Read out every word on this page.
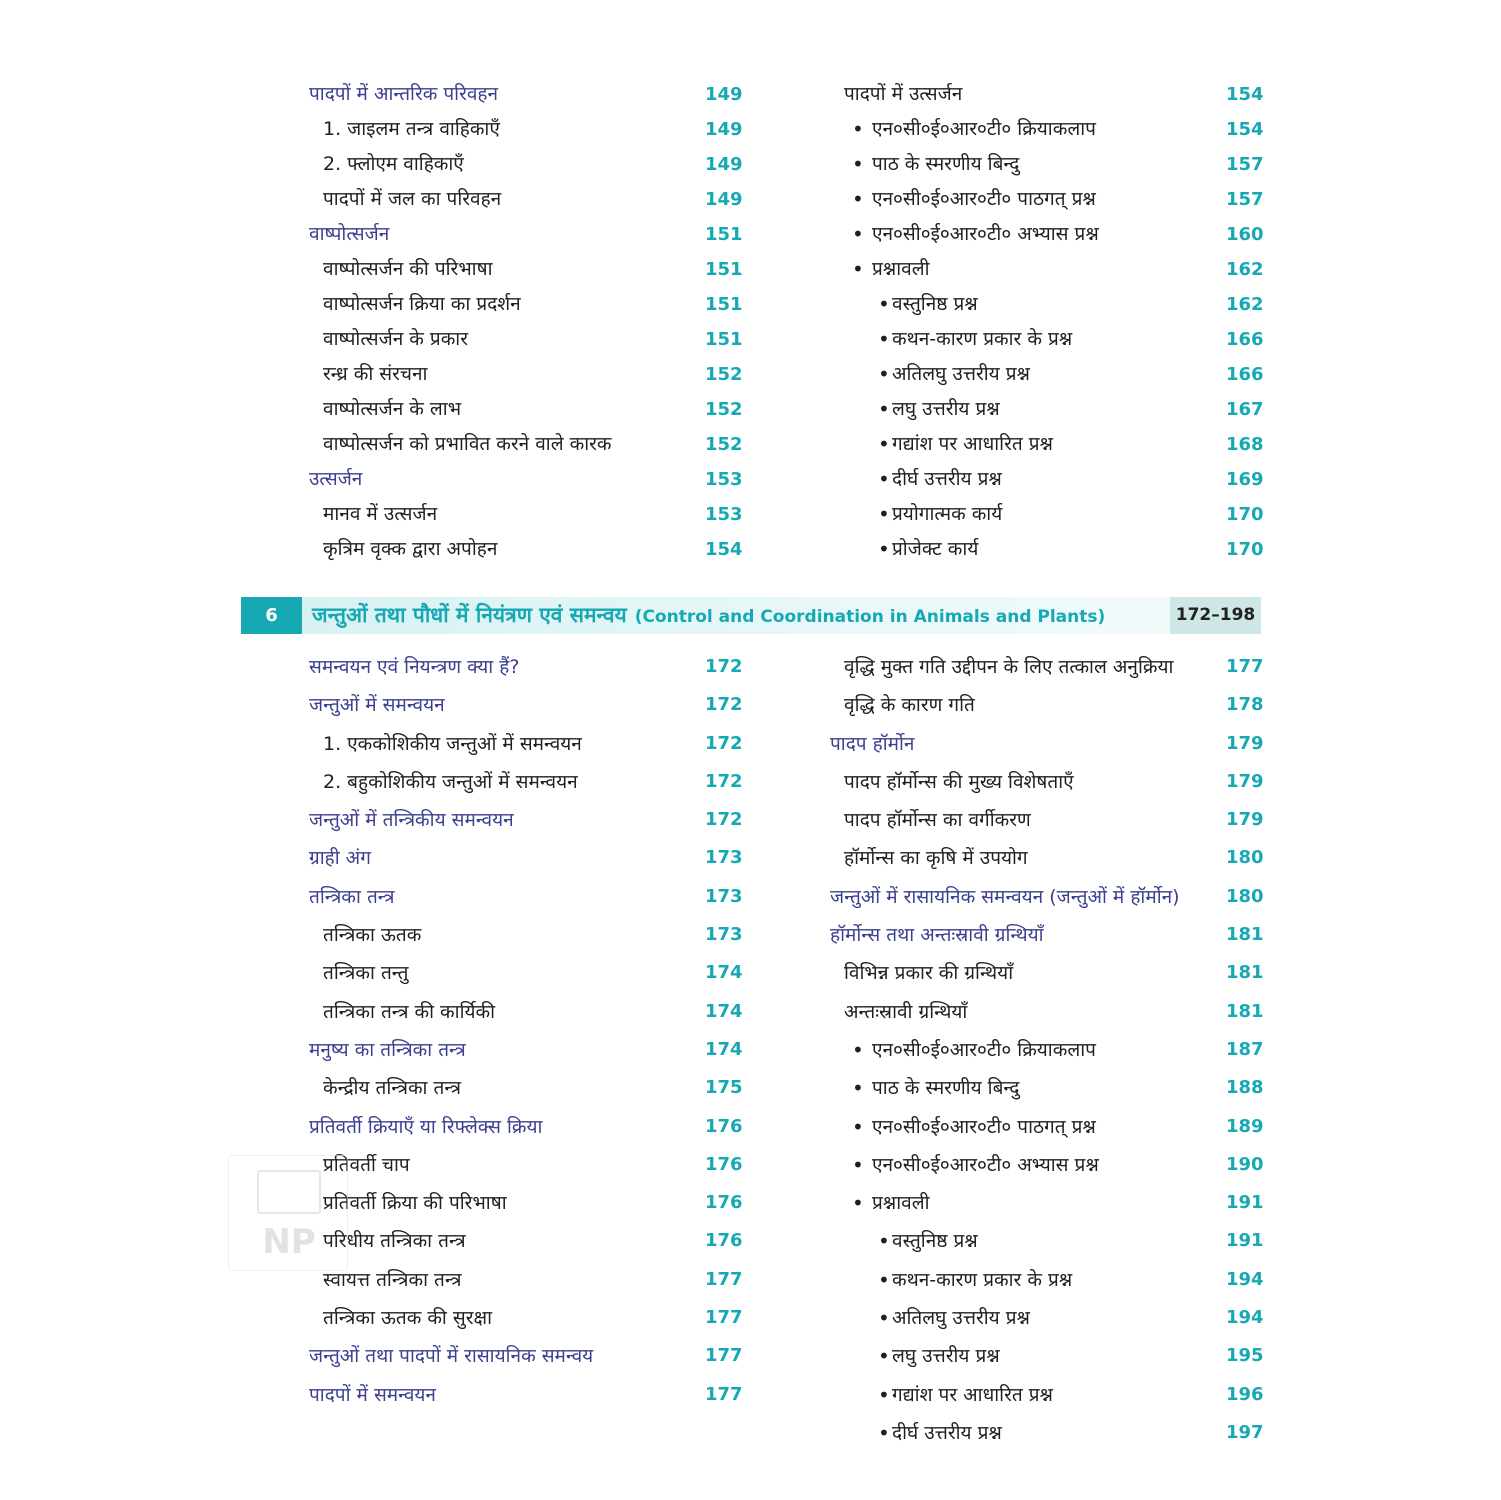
पादपों में आन्तरिक परिवहन	149
1. जाइलम तन्त्र वाहिकाएँ	149
2. फ्लोएम वाहिकाएँ	149
पादपों में जल का परिवहन	149
वाष्पोत्सर्जन	151
वाष्पोत्सर्जन की परिभाषा	151
वाष्पोत्सर्जन क्रिया का प्रदर्शन	151
वाष्पोत्सर्जन के प्रकार	151
रन्ध्र की संरचना	152
वाष्पोत्सर्जन के लाभ	152
वाष्पोत्सर्जन को प्रभावित करने वाले कारक	152
उत्सर्जन	153
मानव में उत्सर्जन	153
कृत्रिम वृक्क द्वारा अपोहन	154
पादपों में उत्सर्जन	154
• एन०सी०ई०आर०टी० क्रियाकलाप	154
• पाठ के स्मरणीय बिन्दु	157
• एन०सी०ई०आर०टी० पाठगत् प्रश्न	157
• एन०सी०ई०आर०टी० अभ्यास प्रश्न	160
• प्रश्नावली	162
• वस्तुनिष्ठ प्रश्न	162
• कथन-कारण प्रकार के प्रश्न	166
• अतिलघु उत्तरीय प्रश्न	166
• लघु उत्तरीय प्रश्न	167
• गद्यांश पर आधारित प्रश्न	168
• दीर्घ उत्तरीय प्रश्न	169
• प्रयोगात्मक कार्य	170
• प्रोजेक्ट कार्य	170
6	जन्तुओं तथा पौधों में नियंत्रण एवं समन्वय (Control and Coordination in Animals and Plants)	172–198
समन्वयन एवं नियन्त्रण क्या हैं?	172
जन्तुओं में समन्वयन	172
1. एककोशिकीय जन्तुओं में समन्वयन	172
2. बहुकोशिकीय जन्तुओं में समन्वयन	172
जन्तुओं में तन्त्रिकीय समन्वयन	172
ग्राही अंग	173
तन्त्रिका तन्त्र	173
तन्त्रिका ऊतक	173
तन्त्रिका तन्तु	174
तन्त्रिका तन्त्र की कार्यिकी	174
मनुष्य का तन्त्रिका तन्त्र	174
केन्द्रीय तन्त्रिका तन्त्र	175
प्रतिवर्ती क्रियाएँ या रिफ्लेक्स क्रिया	176
प्रतिवर्ती चाप	176
प्रतिवर्ती क्रिया की परिभाषा	176
परिधीय तन्त्रिका तन्त्र	176
स्वायत्त तन्त्रिका तन्त्र	177
तन्त्रिका ऊतक की सुरक्षा	177
जन्तुओं तथा पादपों में रासायनिक समन्वय	177
पादपों में समन्वयन	177
वृद्धि मुक्त गति उद्दीपन के लिए तत्काल अनुक्रिया	177
वृद्धि के कारण गति	178
पादप हॉर्मोन	179
पादप हॉर्मोन्स की मुख्य विशेषताएँ	179
पादप हॉर्मोन्स का वर्गीकरण	179
हॉर्मोन्स का कृषि में उपयोग	180
जन्तुओं में रासायनिक समन्वयन (जन्तुओं में हॉर्मोन)	180
हॉर्मोन्स तथा अन्तःस्रावी ग्रन्थियाँ	181
विभिन्न प्रकार की ग्रन्थियाँ	181
अन्तःस्रावी ग्रन्थियाँ	181
• एन०सी०ई०आर०टी० क्रियाकलाप	187
• पाठ के स्मरणीय बिन्दु	188
• एन०सी०ई०आर०टी० पाठगत् प्रश्न	189
• एन०सी०ई०आर०टी० अभ्यास प्रश्न	190
• प्रश्नावली	191
• वस्तुनिष्ठ प्रश्न	191
• कथन-कारण प्रकार के प्रश्न	194
• अतिलघु उत्तरीय प्रश्न	194
• लघु उत्तरीय प्रश्न	195
• गद्यांश पर आधारित प्रश्न	196
• दीर्घ उत्तरीय प्रश्न	197
NP
